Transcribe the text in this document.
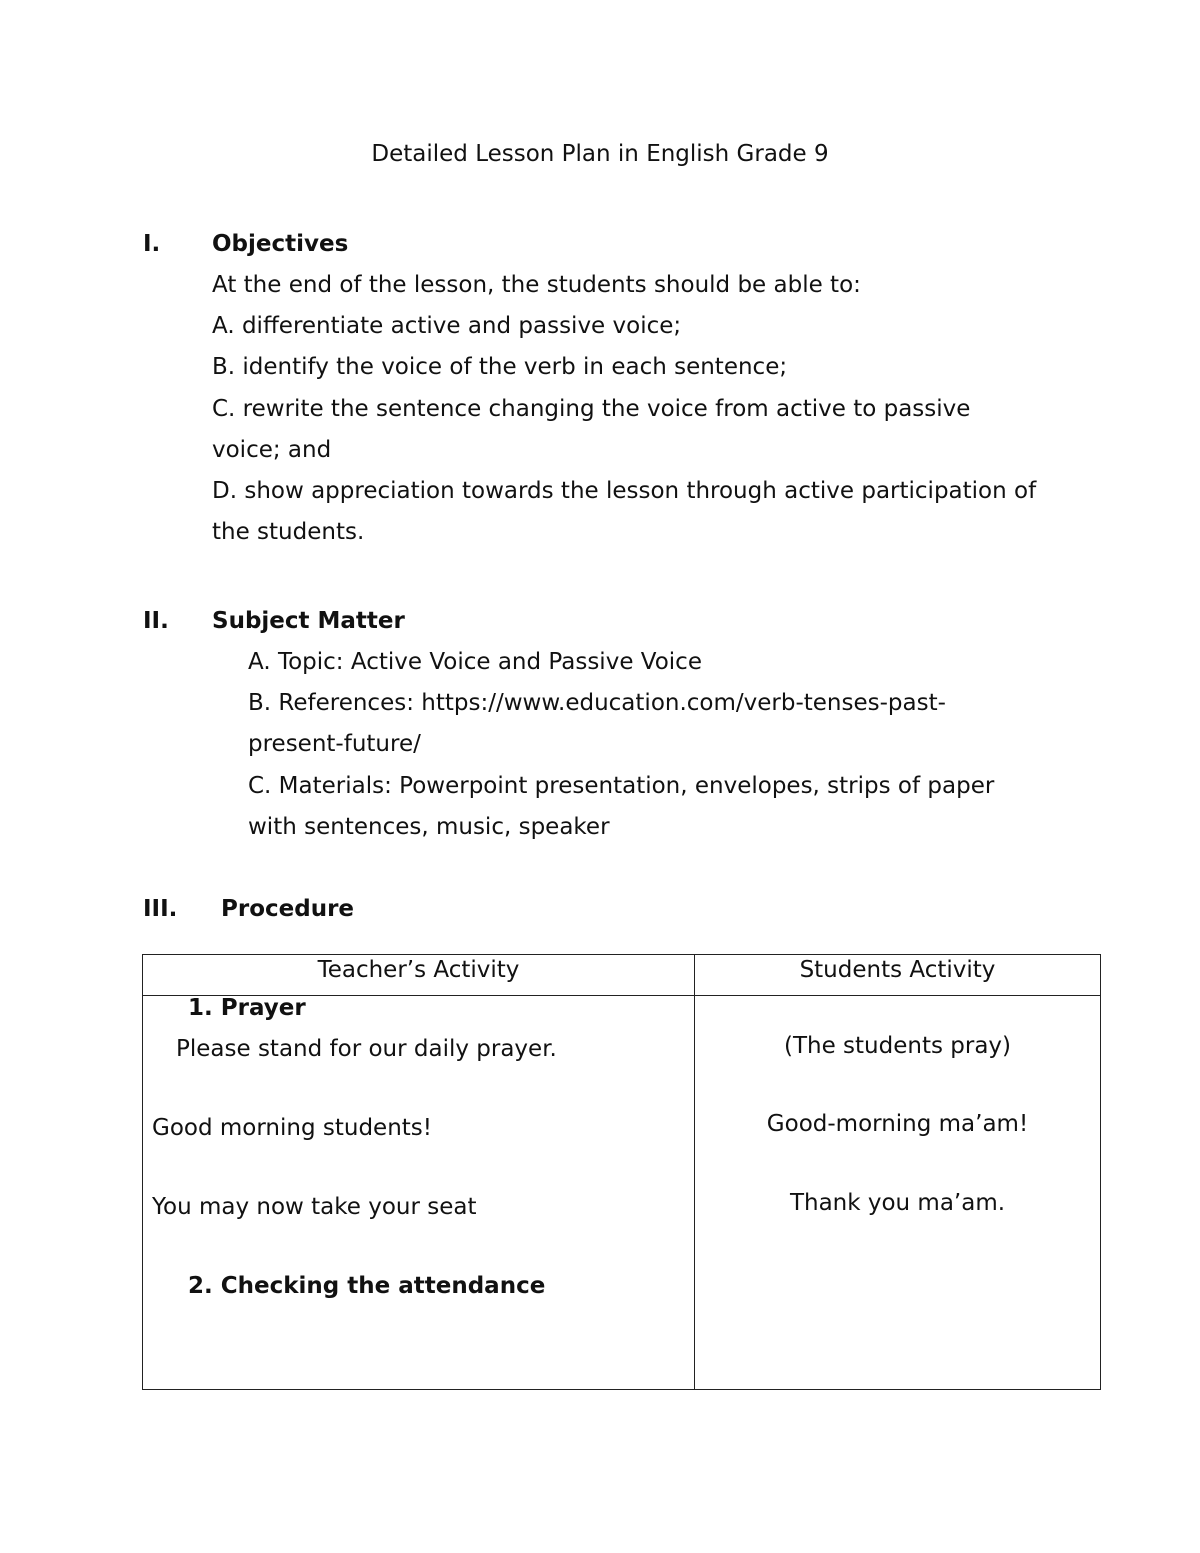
Detailed Lesson Plan in English Grade 9
I. Objectives
At the end of the lesson, the students should be able to:
A. differentiate active and passive voice;
B. identify the voice of the verb in each sentence;
C. rewrite the sentence changing the voice from active to passive
voice; and
D. show appreciation towards the lesson through active participation of
the students.
II. Subject Matter
A. Topic: Active Voice and Passive Voice
B. References: https://www.education.com/verb-tenses-past-
present-future/
C. Materials: Powerpoint presentation, envelopes, strips of paper
with sentences, music, speaker
III. Procedure
Teacher’s Activity	Students Activity
1. Prayer
Please stand for our daily prayer.
Good morning students!
You may now take your seat
2. Checking the attendance
(The students pray)
Good-morning ma’am!
Thank you ma’am.
